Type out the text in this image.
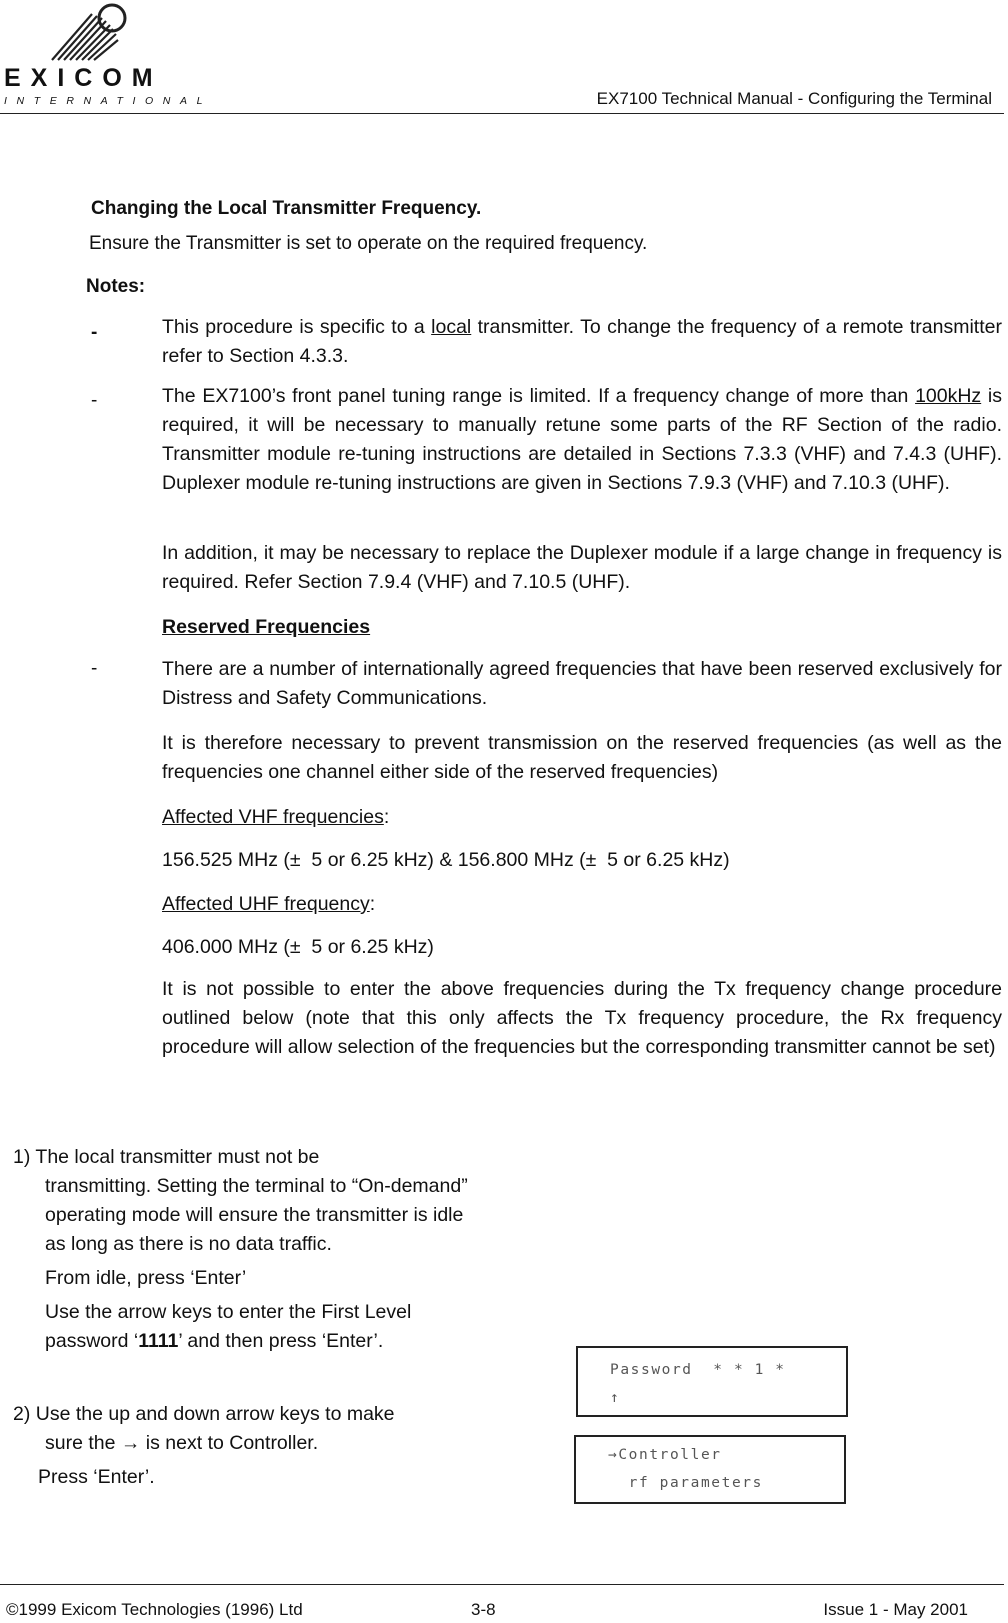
EXICOM
INTERNATIONAL	EX7100 Technical Manual - Configuring the Terminal
Changing the Local Transmitter Frequency.
Ensure the Transmitter is set to operate on the required frequency.
Notes:
-	This procedure is specific to a local transmitter. To change the frequency of a remote transmitter refer to Section 4.3.3.
-	The EX7100’s front panel tuning range is limited. If a frequency change of more than 100kHz is required, it will be necessary to manually retune some parts of the RF Section of the radio. Transmitter module re-tuning instructions are detailed in Sections 7.3.3 (VHF) and 7.4.3 (UHF). Duplexer module re-tuning instructions are given in Sections 7.9.3 (VHF) and 7.10.3 (UHF).
In addition, it may be necessary to replace the Duplexer module if a large change in frequency is required. Refer Section 7.9.4 (VHF) and 7.10.5 (UHF).
Reserved Frequencies
-	There are a number of internationally agreed frequencies that have been reserved exclusively for Distress and Safety Communications.
It is therefore necessary to prevent transmission on the reserved frequencies (as well as the frequencies one channel either side of the reserved frequencies)
Affected VHF frequencies:
156.525 MHz (±  5 or 6.25 kHz) & 156.800 MHz (±  5 or 6.25 kHz)
Affected UHF frequency:
406.000 MHz (±  5 or 6.25 kHz)
It is not possible to enter the above frequencies during the Tx frequency change procedure outlined below (note that this only affects the Tx frequency procedure, the Rx frequency procedure will allow selection of the frequencies but the corresponding transmitter cannot be set)
1) The local transmitter must not be
transmitting. Setting the terminal to “On-demand” operating mode will ensure the transmitter is idle as long as there is no data traffic.
From idle, press ‘Enter’
Use the arrow keys to enter the First Level password ‘1111’ and then press ‘Enter’.
2) Use the up and down arrow keys to make
sure the → is next to Controller.
Press ‘Enter’.
Password  * * 1 *
↑
→Controller
rf parameters
©1999 Exicom Technologies (1996) Ltd	3-8	Issue 1 - May 2001
